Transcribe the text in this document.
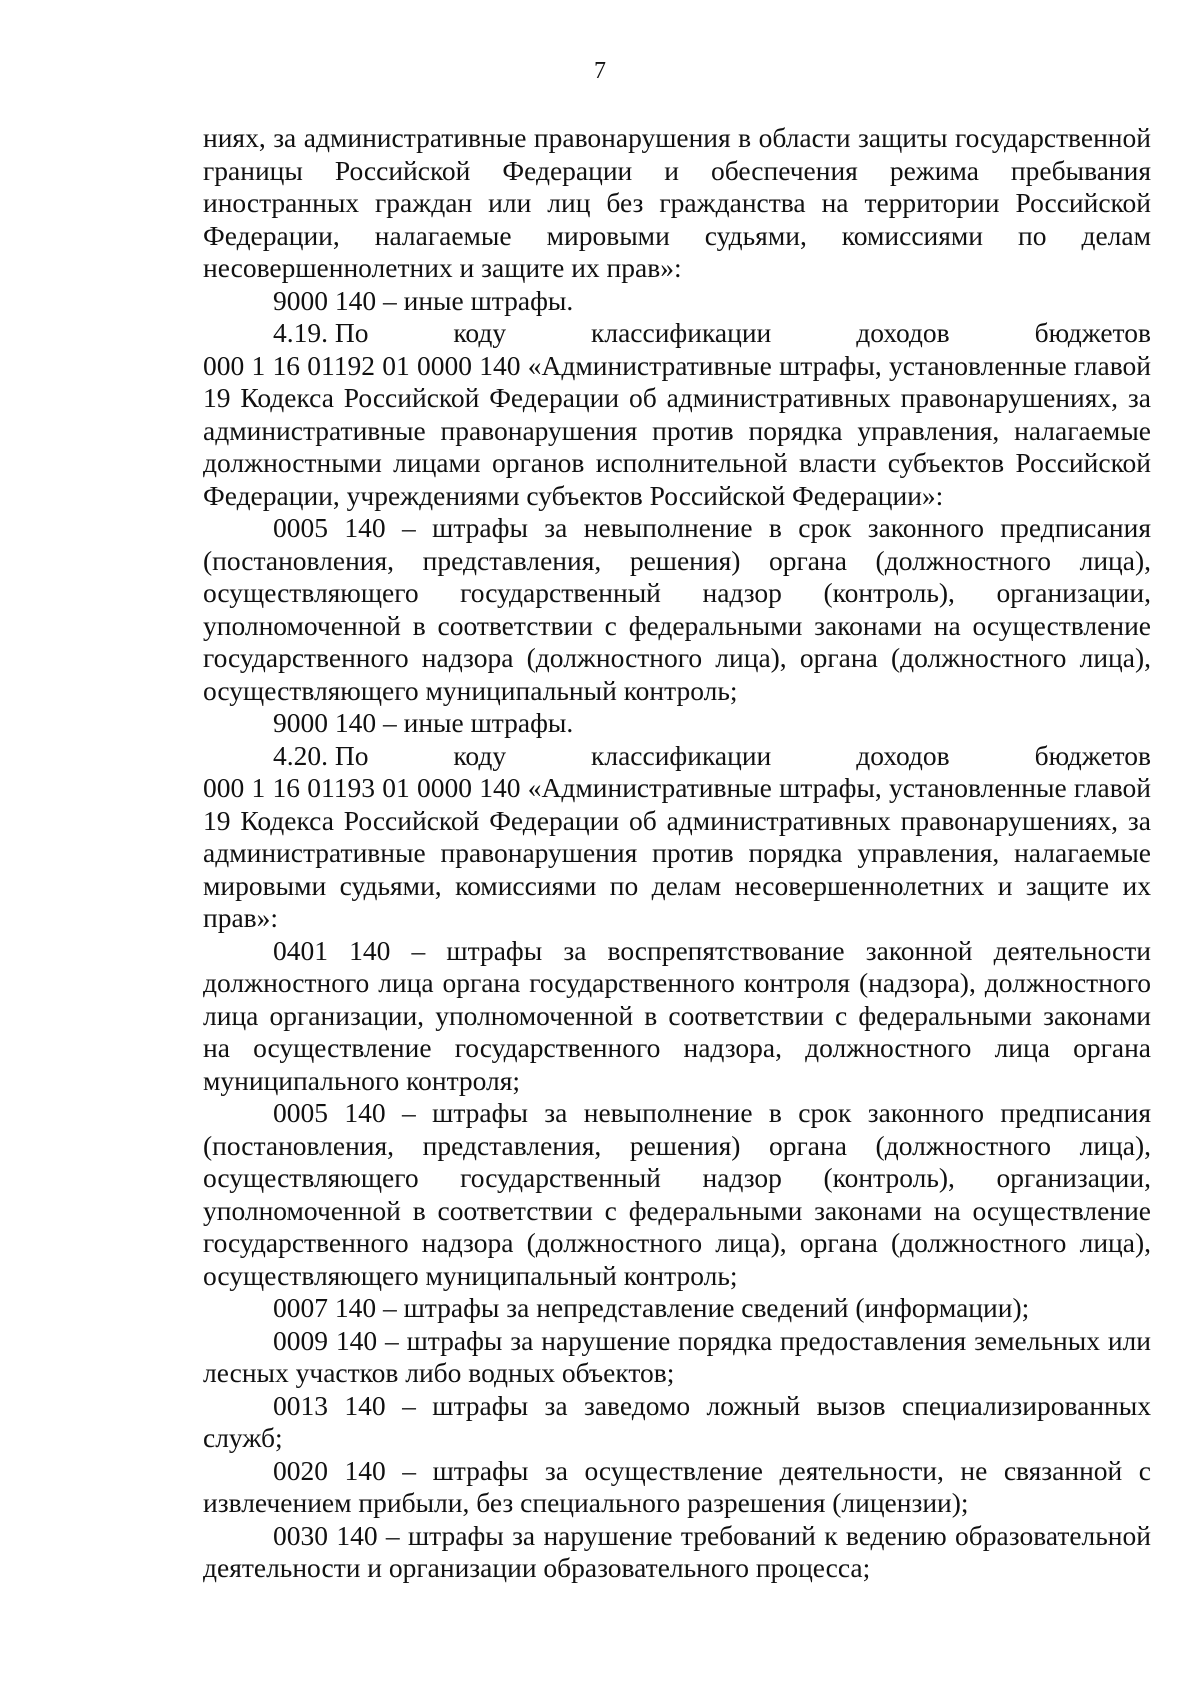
7

ниях, за административные правонарушения в области защиты государственной границы Российской Федерации и обеспечения режима пребывания иностранных граждан или лиц без гражданства на территории Российской Федерации, налагаемые мировыми судьями, комиссиями по делам несовершеннолетних и защите их прав»:

9000 140 – иные штрафы.

4.19. По	коду	классификации	доходов	бюджетов

000 1 16 01192 01 0000 140 «Административные штрафы, установленные главой 19 Кодекса Российской Федерации об административных правонарушениях, за административные правонарушения против порядка управления, налагаемые должностными лицами органов исполнительной власти субъектов Российской Федерации, учреждениями субъектов Российской Федерации»:

0005 140 – штрафы за невыполнение в срок законного предписания (постановления, представления, решения) органа (должностного лица), осуществляющего государственный надзор (контроль), организации, уполномоченной в соответствии с федеральными законами на осуществление государственного надзора (должностного лица), органа (должностного лица), осуществляющего муниципальный контроль;

9000 140 – иные штрафы.

4.20. По	коду	классификации	доходов	бюджетов

000 1 16 01193 01 0000 140 «Административные штрафы, установленные главой 19 Кодекса Российской Федерации об административных правонарушениях, за административные правонарушения против порядка управления, налагаемые мировыми судьями, комиссиями по делам несовершеннолетних и защите их прав»:

0401 140 – штрафы за воспрепятствование законной деятельности должностного лица органа государственного контроля (надзора), должностного лица организации, уполномоченной в соответствии с федеральными законами на осуществление государственного надзора, должностного лица органа муниципального контроля;

0005 140 – штрафы за невыполнение в срок законного предписания (постановления, представления, решения) органа (должностного лица), осуществляющего государственный надзор (контроль), организации, уполномоченной в соответствии с федеральными законами на осуществление государственного надзора (должностного лица), органа (должностного лица), осуществляющего муниципальный контроль;

0007 140 – штрафы за непредставление сведений (информации);

0009 140 – штрафы за нарушение порядка предоставления земельных или лесных участков либо водных объектов;

0013 140 – штрафы за заведомо ложный вызов специализированных служб;

0020 140 – штрафы за осуществление деятельности, не связанной с извлечением прибыли, без специального разрешения (лицензии);

0030 140 – штрафы за нарушение требований к ведению образовательной деятельности и организации образовательного процесса;
